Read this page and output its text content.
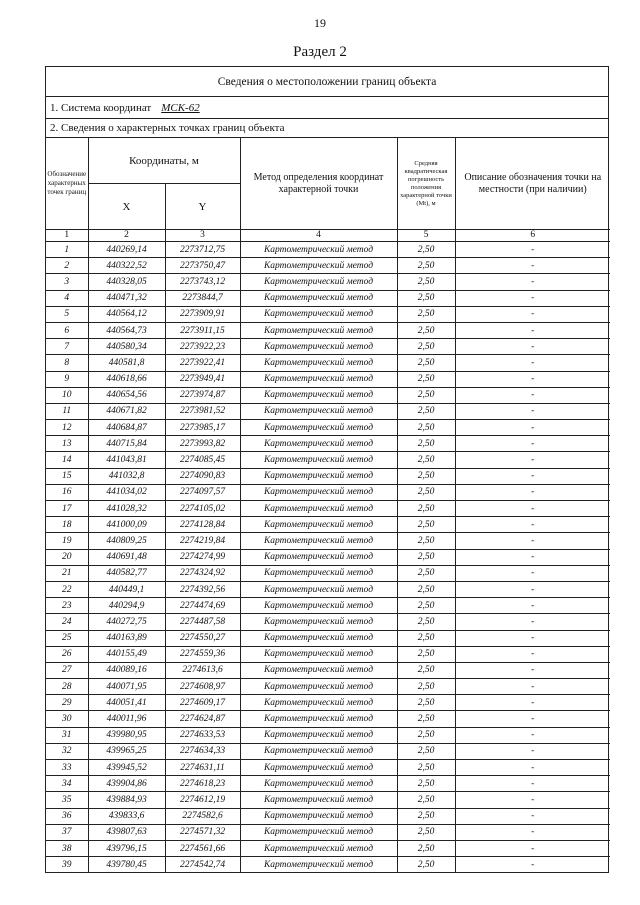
19
Раздел 2
Сведения о местоположении границ объекта
1. Система координат МСК-62
2. Сведения о характерных точках границ объекта
Обозначение характерных точек границ	Координаты, м		Метод определения координат характерной точки	Средняя квадратическая погрешность положения характерной точки (Mt), м	Описание обозначения точки на местности (при наличии)
	X	Y			
1	2	3	4	5	6
1	440269,14	2273712,75	Картометрический метод	2,50	-
2	440322,52	2273750,47	Картометрический метод	2,50	-
3	440328,05	2273743,12	Картометрический метод	2,50	-
4	440471,32	2273844,7	Картометрический метод	2,50	-
5	440564,12	2273909,91	Картометрический метод	2,50	-
6	440564,73	2273911,15	Картометрический метод	2,50	-
7	440580,34	2273922,23	Картометрический метод	2,50	-
8	440581,8	2273922,41	Картометрический метод	2,50	-
9	440618,66	2273949,41	Картометрический метод	2,50	-
10	440654,56	2273974,87	Картометрический метод	2,50	-
11	440671,82	2273981,52	Картометрический метод	2,50	-
12	440684,87	2273985,17	Картометрический метод	2,50	-
13	440715,84	2273993,82	Картометрический метод	2,50	-
14	441043,81	2274085,45	Картометрический метод	2,50	-
15	441032,8	2274090,83	Картометрический метод	2,50	-
16	441034,02	2274097,57	Картометрический метод	2,50	-
17	441028,32	2274105,02	Картометрический метод	2,50	-
18	441000,09	2274128,84	Картометрический метод	2,50	-
19	440809,25	2274219,84	Картометрический метод	2,50	-
20	440691,48	2274274,99	Картометрический метод	2,50	-
21	440582,77	2274324,92	Картометрический метод	2,50	-
22	440449,1	2274392,56	Картометрический метод	2,50	-
23	440294,9	2274474,69	Картометрический метод	2,50	-
24	440272,75	2274487,58	Картометрический метод	2,50	-
25	440163,89	2274550,27	Картометрический метод	2,50	-
26	440155,49	2274559,36	Картометрический метод	2,50	-
27	440089,16	2274613,6	Картометрический метод	2,50	-
28	440071,95	2274608,97	Картометрический метод	2,50	-
29	440051,41	2274609,17	Картометрический метод	2,50	-
30	440011,96	2274624,87	Картометрический метод	2,50	-
31	439980,95	2274633,53	Картометрический метод	2,50	-
32	439965,25	2274634,33	Картометрический метод	2,50	-
33	439945,52	2274631,11	Картометрический метод	2,50	-
34	439904,86	2274618,23	Картометрический метод	2,50	-
35	439884,93	2274612,19	Картометрический метод	2,50	-
36	439833,6	2274582,6	Картометрический метод	2,50	-
37	439807,63	2274571,32	Картометрический метод	2,50	-
38	439796,15	2274561,66	Картометрический метод	2,50	-
39	439780,45	2274542,74	Картометрический метод	2,50	-
